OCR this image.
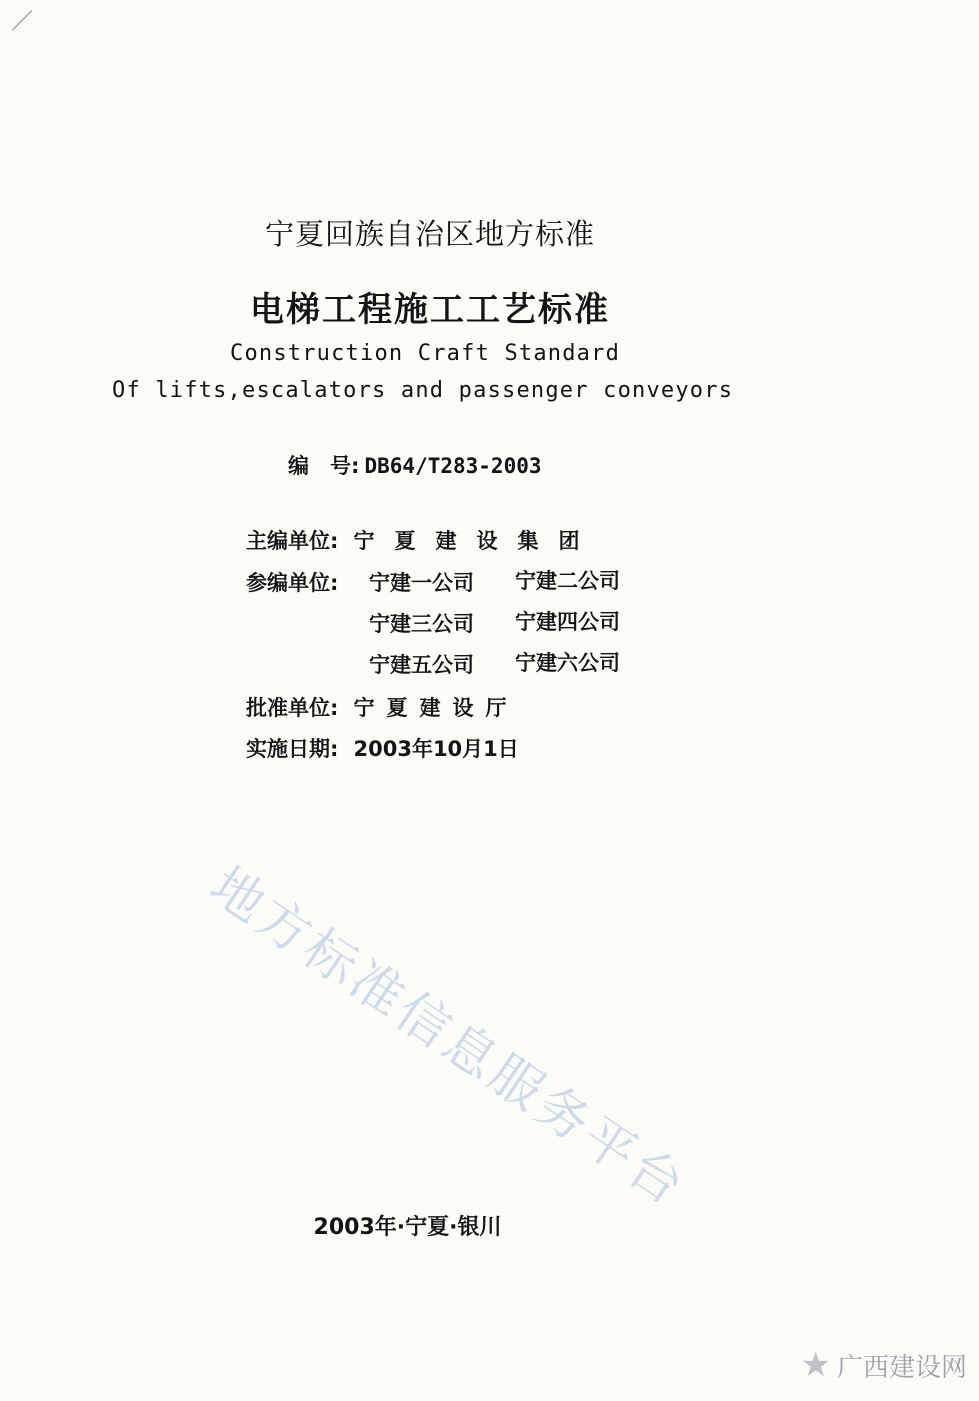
宁夏回族自治区地方标准
电梯工程施工工艺标准
Construction Craft Standard
Of lifts,escalators and passenger conveyors
编　号: DB64/T283-2003
主编单位: 宁夏建设集团
参编单位: 宁建一公司 宁建二公司
宁建三公司 宁建四公司
宁建五公司 宁建六公司
批准单位: 宁夏建设厅
实施日期: 2003年10月1日
地方标准信息服务平台
2003年·宁夏·银川
★ 广西建设网
